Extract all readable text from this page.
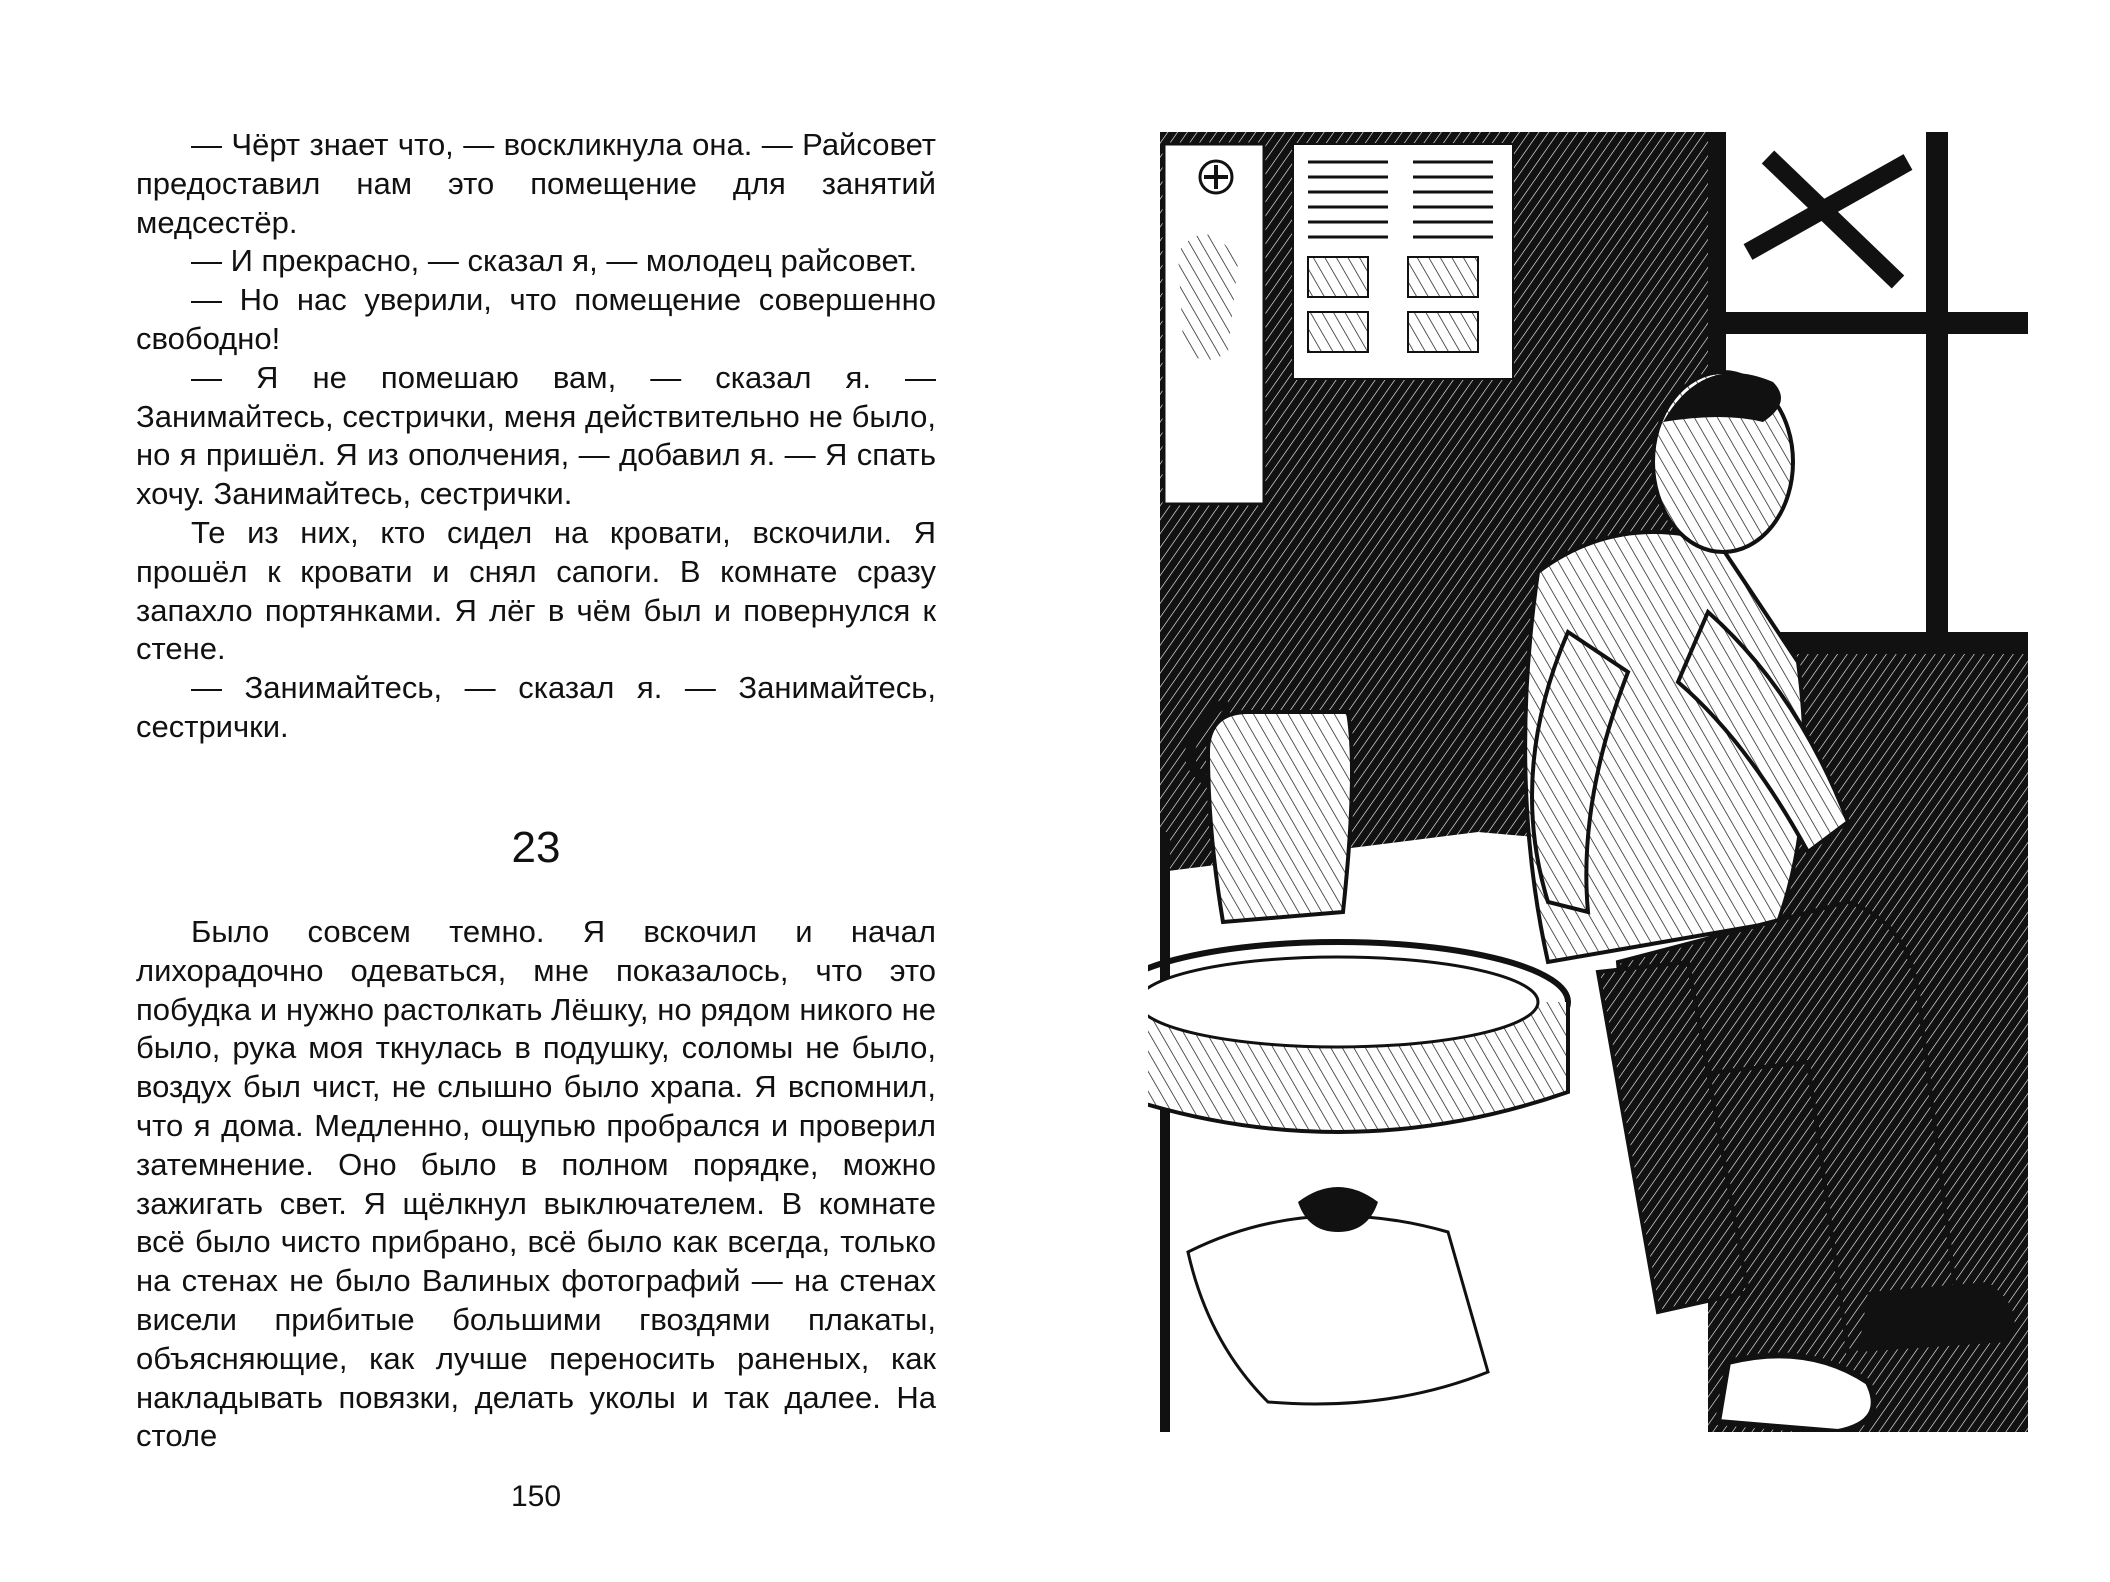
— Чёрт знает что, — воскликнула она. — Райсовет предоставил нам это помещение для занятий медсестёр.

— И прекрасно, — сказал я, — молодец райсовет.

— Но нас уверили, что помещение совершенно свободно!

— Я не помешаю вам, — сказал я. — Занимайтесь, сестрички, меня действительно не было, но я пришёл. Я из ополчения, — добавил я. — Я спать хочу. Занимайтесь, сестрички.

Те из них, кто сидел на кровати, вскочили. Я прошёл к кровати и снял сапоги. В комнате сразу запахло портянками. Я лёг в чём был и повернулся к стене.

— Занимайтесь, — сказал я. — Занимайтесь, сестрички.

23

Было совсем темно. Я вскочил и начал лихорадочно одеваться, мне показалось, что это побудка и нужно растолкать Лёшку, но рядом никого не было, рука моя ткнулась в подушку, соломы не было, воздух был чист, не слышно было храпа. Я вспомнил, что я дома. Медленно, ощупью пробрался и проверил затемнение. Оно было в полном порядке, можно зажигать свет. Я щёлкнул выключателем. В комнате всё было чисто прибрано, всё было как всегда, только на стенах не было Валиных фотографий — на стенах висели прибитые большими гвоздями плакаты, объясняющие, как лучше переносить раненых, как накладывать повязки, делать уколы и так далее. На столе

150
